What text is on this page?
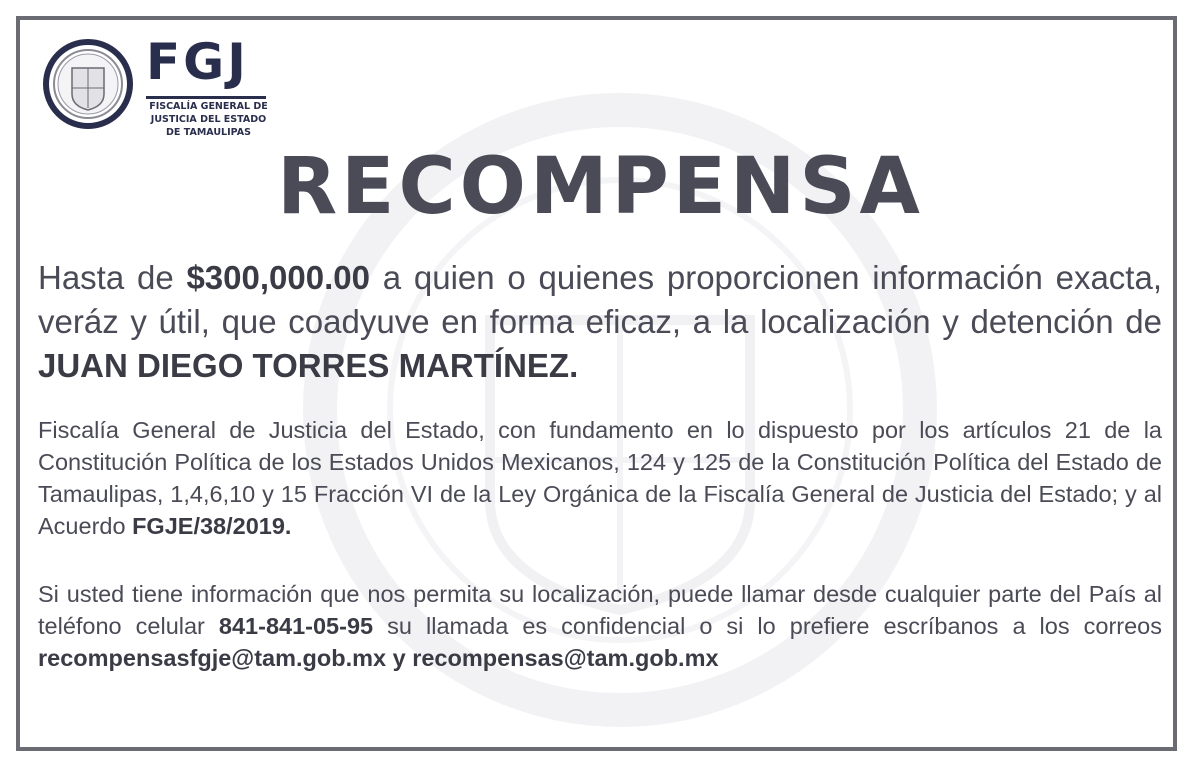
FGJ
FISCALÍA GENERAL DE
JUSTICIA DEL ESTADO
DE TAMAULIPAS
RECOMPENSA
Hasta de $300,000.00 a quien o quienes proporcionen información exacta, veráz y útil, que coadyuve en forma eficaz, a la localización y detención de JUAN DIEGO TORRES MARTÍNEZ.
Fiscalía General de Justicia del Estado, con fundamento en lo dispuesto por los artículos 21 de la Constitución Política de los Estados Unidos Mexicanos, 124 y 125 de la Constitución Política del Estado de Tamaulipas, 1,4,6,10 y 15 Fracción VI de la Ley Orgánica de la Fiscalía General de Justicia del Estado; y al Acuerdo FGJE/38/2019.
Si usted tiene información que nos permita su localización, puede llamar desde cualquier parte del País al teléfono celular 841-841-05-95 su llamada es confidencial o si lo prefiere escríbanos a los correos recompensasfgje@tam.gob.mx y recompensas@tam.gob.mx
